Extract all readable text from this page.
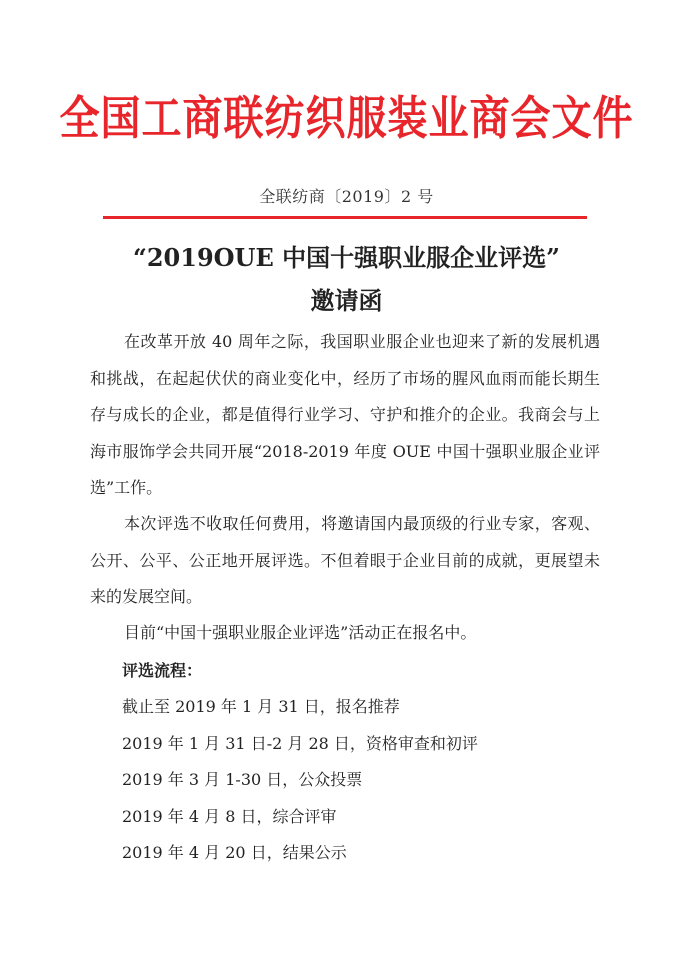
全国工商联纺织服装业商会文件
全联纺商〔2019〕2 号
“2019OUE 中国十强职业服企业评选”
邀请函
在改革开放 40 周年之际，我国职业服企业也迎来了新的发展机遇和挑战，在起起伏伏的商业变化中，经历了市场的腥风血雨而能长期生存与成长的企业，都是值得行业学习、守护和推介的企业。我商会与上海市服饰学会共同开展“2018-2019 年度 OUE 中国十强职业服企业评选”工作。
本次评选不收取任何费用，将邀请国内最顶级的行业专家，客观、公开、公平、公正地开展评选。不但着眼于企业目前的成就，更展望未来的发展空间。
目前“中国十强职业服企业评选”活动正在报名中。
评选流程：
截止至 2019 年 1 月 31 日，报名推荐
2019 年 1 月 31 日-2 月 28 日，资格审查和初评
2019 年 3 月 1-30 日，公众投票
2019 年 4 月 8 日，综合评审
2019 年 4 月 20 日，结果公示
